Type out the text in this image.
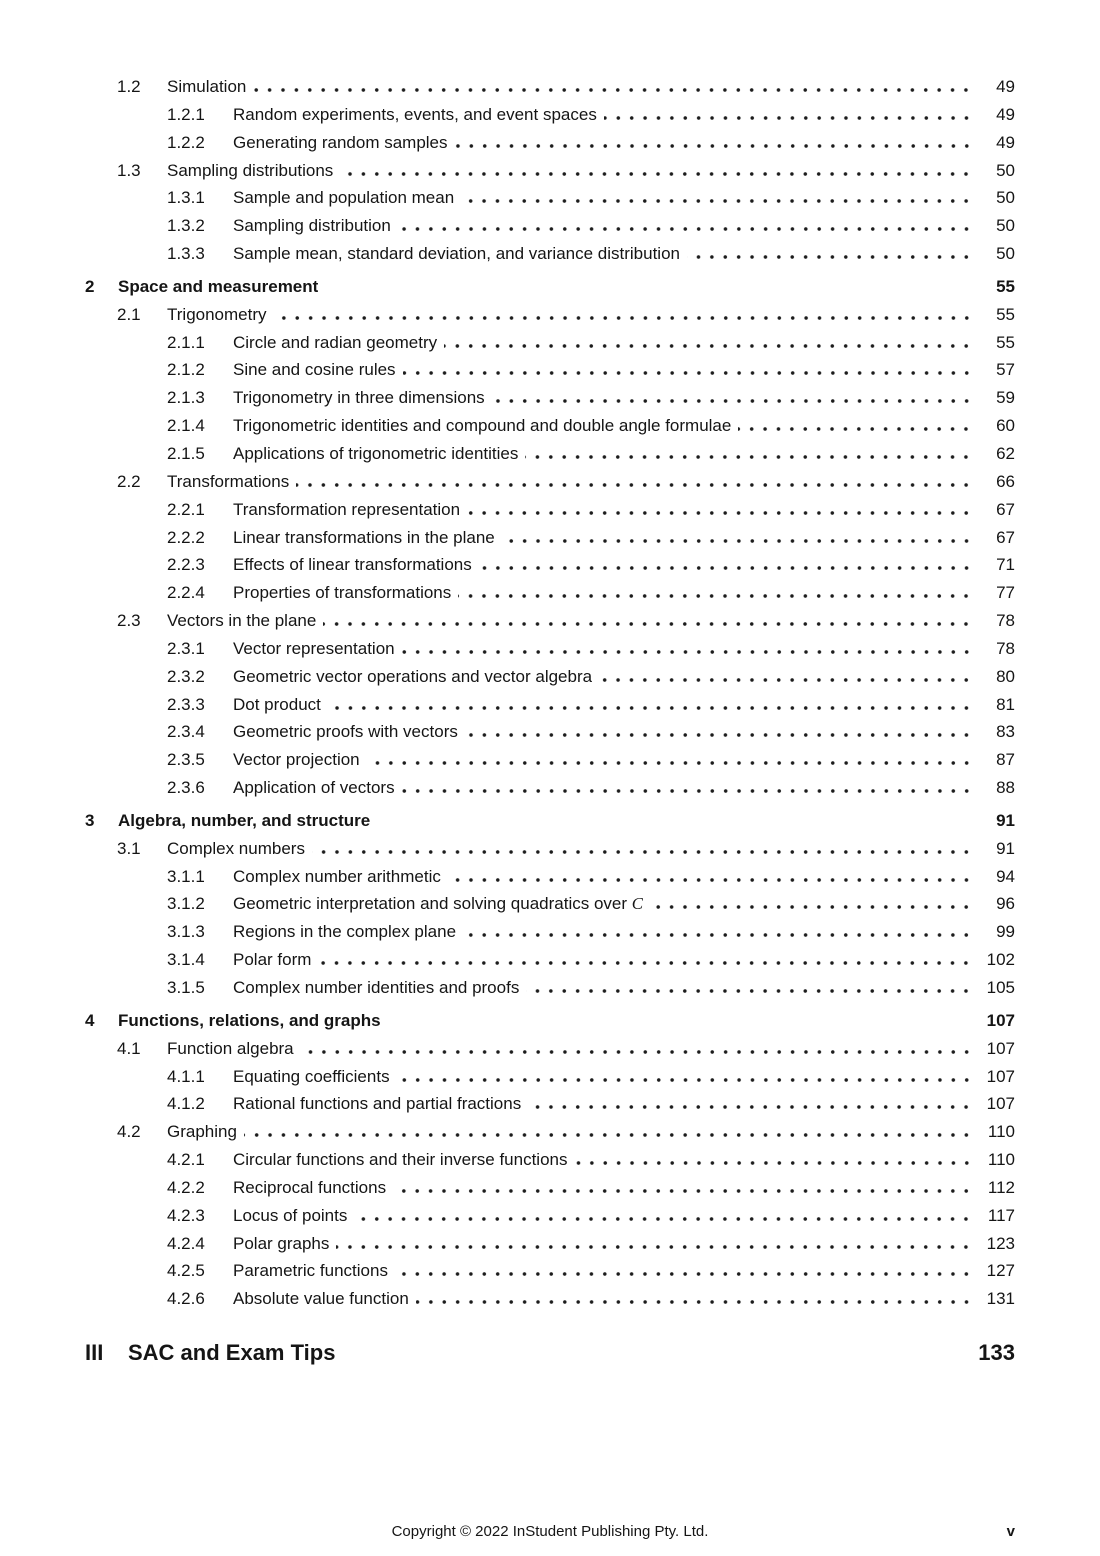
1.2	Simulation	49
1.2.1	Random experiments, events, and event spaces	49
1.2.2	Generating random samples	49
1.3	Sampling distributions	50
1.3.1	Sample and population mean	50
1.3.2	Sampling distribution	50
1.3.3	Sample mean, standard deviation, and variance distribution	50
2	Space and measurement	55
2.1	Trigonometry	55
2.1.1	Circle and radian geometry	55
2.1.2	Sine and cosine rules	57
2.1.3	Trigonometry in three dimensions	59
2.1.4	Trigonometric identities and compound and double angle formulae	60
2.1.5	Applications of trigonometric identities	62
2.2	Transformations	66
2.2.1	Transformation representation	67
2.2.2	Linear transformations in the plane	67
2.2.3	Effects of linear transformations	71
2.2.4	Properties of transformations	77
2.3	Vectors in the plane	78
2.3.1	Vector representation	78
2.3.2	Geometric vector operations and vector algebra	80
2.3.3	Dot product	81
2.3.4	Geometric proofs with vectors	83
2.3.5	Vector projection	87
2.3.6	Application of vectors	88
3	Algebra, number, and structure	91
3.1	Complex numbers	91
3.1.1	Complex number arithmetic	94
3.1.2	Geometric interpretation and solving quadratics over C	96
3.1.3	Regions in the complex plane	99
3.1.4	Polar form	102
3.1.5	Complex number identities and proofs	105
4	Functions, relations, and graphs	107
4.1	Function algebra	107
4.1.1	Equating coefficients	107
4.1.2	Rational functions and partial fractions	107
4.2	Graphing	110
4.2.1	Circular functions and their inverse functions	110
4.2.2	Reciprocal functions	112
4.2.3	Locus of points	117
4.2.4	Polar graphs	123
4.2.5	Parametric functions	127
4.2.6	Absolute value function	131
III	SAC and Exam Tips	133
Copyright © 2022 InStudent Publishing Pty. Ltd.	v
